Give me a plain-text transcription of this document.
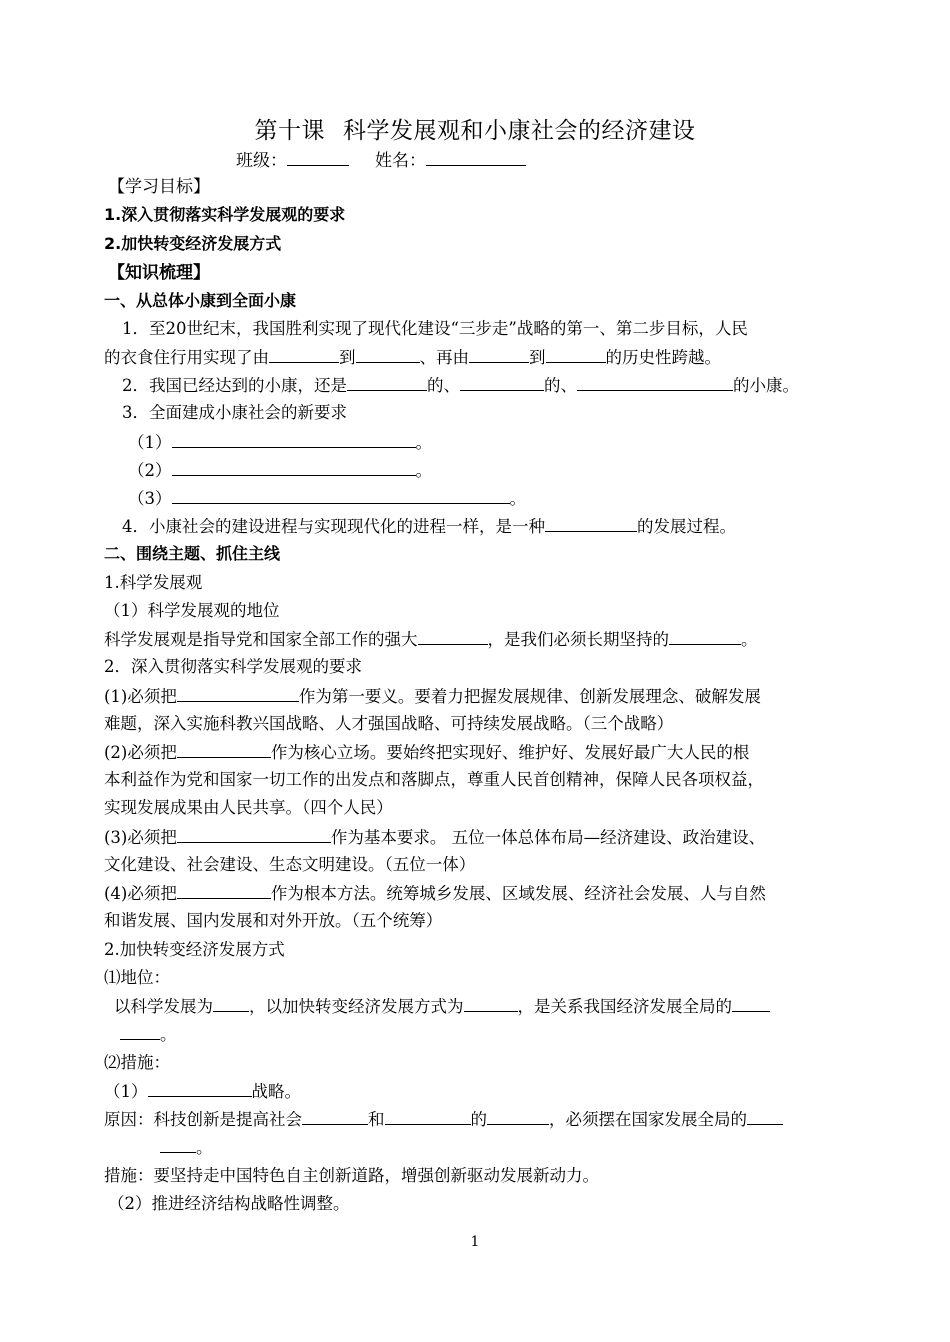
第十课 科学发展观和小康社会的经济建设
班级：	姓名：
【学习目标】
1.深入贯彻落实科学发展观的要求
2.加快转变经济发展方式
【知识梳理】
一、从总体小康到全面小康
1．至20世纪末，我国胜利实现了现代化建设“三步走”战略的第一、第二步目标，人民
的衣食住行用实现了由	到	、再由	到	的历史性跨越。
2．我国已经达到的小康，还是	的、	的、	的小康。
3．全面建成小康社会的新要求
（1）	。
（2）	。
（3）	。
4．小康社会的建设进程与实现现代化的进程一样，是一种	的发展过程。
二、围绕主题、抓住主线
1.科学发展观
（1）科学发展观的地位
科学发展观是指导党和国家全部工作的强大	，是我们必须长期坚持的	。
2．深入贯彻落实科学发展观的要求
(1)必须把	作为第一要义。要着力把握发展规律、创新发展理念、破解发展
难题，深入实施科教兴国战略、人才强国战略、可持续发展战略。（三个战略）
(2)必须把	作为核心立场。要始终把实现好、维护好、发展好最广大人民的根
本利益作为党和国家一切工作的出发点和落脚点，尊重人民首创精神，保障人民各项权益，
实现发展成果由人民共享。（四个人民）
(3)必须把	作为基本要求。 五位一体总体布局—经济建设、政治建设、
文化建设、社会建设、生态文明建设。（五位一体）
(4)必须把	作为根本方法。统筹城乡发展、区域发展、经济社会发展、人与自然
和谐发展、国内发展和对外开放。（五个统筹）
2.加快转变经济发展方式
⑴地位：
以科学发展为 ，以加快转变经济发展方式为	，是关系我国经济发展全局的
。
⑵措施：
（1）	战略。
原因：科技创新是提高社会	和	的	，必须摆在国家发展全局的
。
措施：要坚持走中国特色自主创新道路，增强创新驱动发展新动力。
（2）推进经济结构战略性调整。
1
